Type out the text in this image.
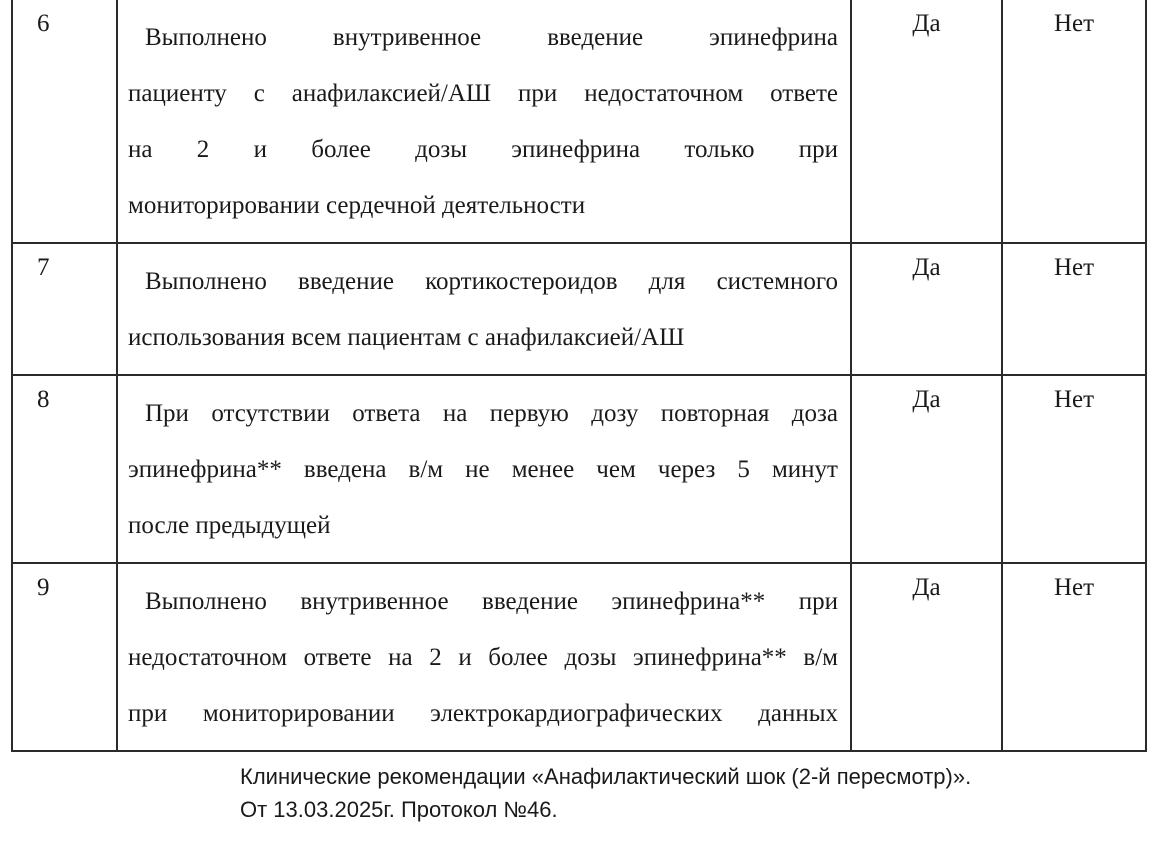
6	Выполнено внутривенное введение эпинефрина
пациенту с анафилаксией/АШ при недостаточном ответе
на 2 и более дозы эпинефрина только при
мониторировании сердечной деятельности	Да	Нет
7	Выполнено введение кортикостероидов для системного
использования всем пациентам с анафилаксией/АШ	Да	Нет
8	При отсутствии ответа на первую дозу повторная доза
эпинефрина** введена в/м не менее чем через 5 минут
после предыдущей	Да	Нет
9	Выполнено внутривенное введение эпинефрина** при
недостаточном ответе на 2 и более дозы эпинефрина** в/м
при мониторировании электрокардиографических данных	Да	Нет
Клинические рекомендации «Анафилактический шок (2-й пересмотр)».
От 13.03.2025г. Протокол №46.
